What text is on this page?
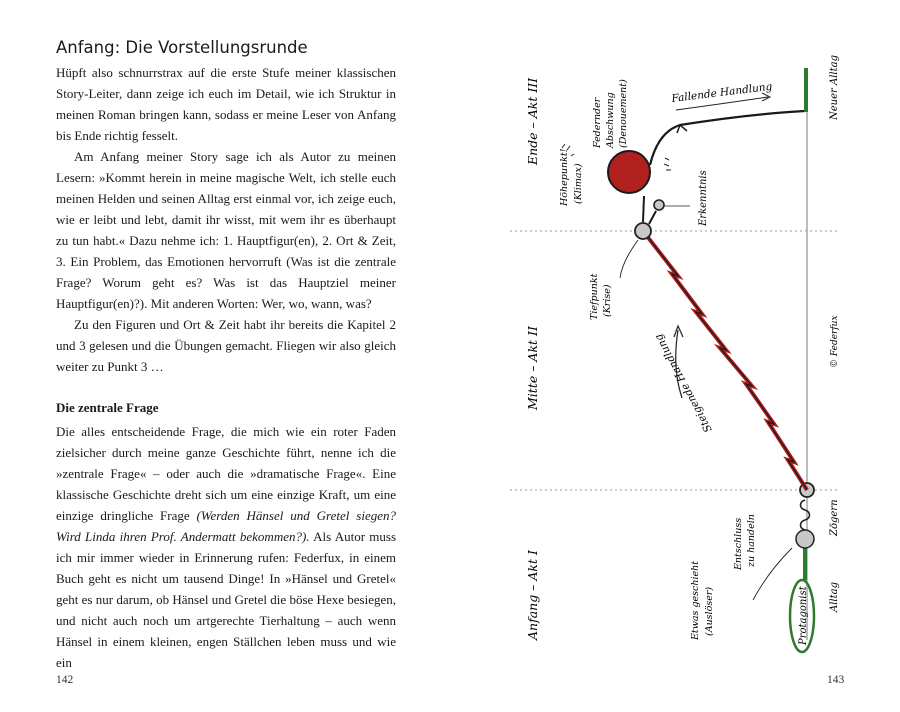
Anfang: Die Vorstellungsrunde

Hüpft also schnurrstrax auf die erste Stufe meiner klassischen Story-Leiter, dann zeige ich euch im Detail, wie ich Struktur in meinen Roman bringen kann, sodass er meine Leser von Anfang bis Ende richtig fesselt.

Am Anfang meiner Story sage ich als Autor zu meinen Lesern: »Kommt herein in meine magische Welt, ich stelle euch meinen Helden und seinen Alltag erst einmal vor, ich zeige euch, wie er leibt und lebt, damit ihr wisst, mit wem ihr es überhaupt zu tun habt.« Dazu nehme ich: 1. Hauptfigur(en), 2. Ort & Zeit, 3. Ein Problem, das Emotionen hervorruft (Was ist die zentrale Frage? Worum geht es? Was ist das Hauptziel meiner Hauptfigur(en)?). Mit anderen Worten: Wer, wo, wann, was?

Zu den Figuren und Ort & Zeit habt ihr bereits die Kapitel 2 und 3 gelesen und die Übungen gemacht. Fliegen wir also gleich weiter zu Punkt 3 …

Die zentrale Frage

Die alles entscheidende Frage, die mich wie ein roter Faden zielsicher durch meine ganze Geschichte führt, nenne ich die »zentrale Frage« – oder auch die »dramatische Frage«. Eine klassische Geschichte dreht sich um eine einzige Kraft, um eine einzige dringliche Frage (Werden Hänsel und Gretel siegen? Wird Linda ihren Prof. Andermatt bekommen?). Als Autor muss ich mir immer wieder in Erinnerung rufen: Federfux, in einem Buch geht es nicht um tausend Dinge! In »Hänsel und Gretel« geht es nur darum, ob Hänsel und Gretel die böse Hexe besiegen, und nicht auch noch um artgerechte Tierhaltung – auch wenn Hänsel in einem kleinen, engen Ställchen leben muss und wie ein

142
Anfang – Akt I
Mitte – Akt II
Ende – Akt III
Protagonist Alltag
Etwas geschieht (Auslöser)
Zögern
Entschluss zu handeln
Steigende Handlung
Tiefpunkt (Krise)
Erkenntnis
Höhepunkt! (Klimax)
Fallende Handlung
Federnder Abschwung (Denouement)	Neuer Alltag
© Federfux
143
